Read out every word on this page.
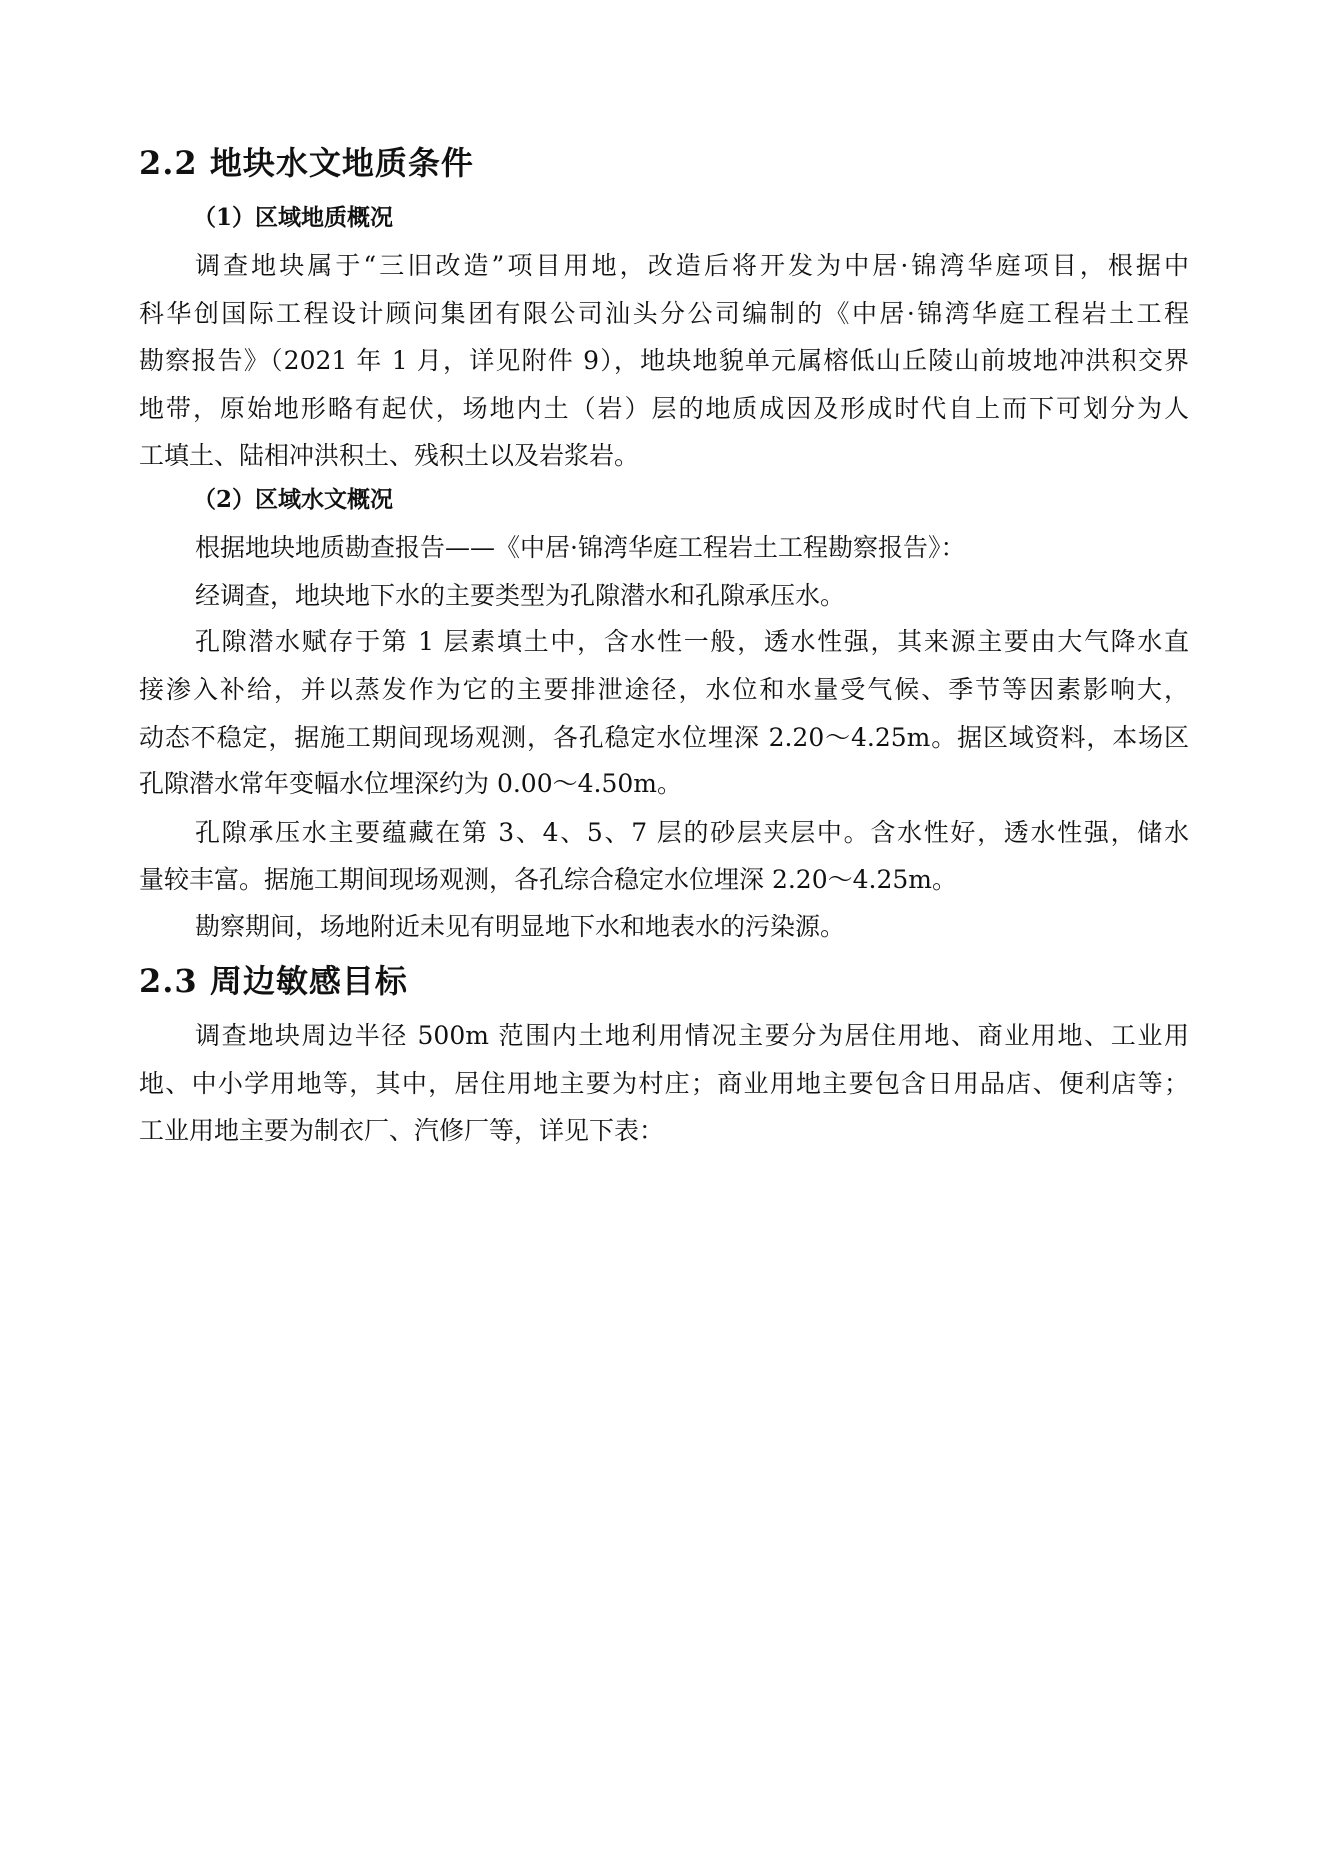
2.2 地块水文地质条件
（1）区域地质概况
调查地块属于“三旧改造”项目用地，改造后将开发为中居·锦湾华庭项目，根据中
科华创国际工程设计顾问集团有限公司汕头分公司编制的《中居·锦湾华庭工程岩土工程
勘察报告》（2021 年 1 月，详见附件 9），地块地貌单元属榕低山丘陵山前坡地冲洪积交界
地带，原始地形略有起伏，场地内土（岩）层的地质成因及形成时代自上而下可划分为人
工填土、陆相冲洪积土、残积土以及岩浆岩。
（2）区域水文概况
根据地块地质勘查报告——《中居·锦湾华庭工程岩土工程勘察报告》：
经调查，地块地下水的主要类型为孔隙潜水和孔隙承压水。
孔隙潜水赋存于第 1 层素填土中，含水性一般，透水性强，其来源主要由大气降水直
接渗入补给，并以蒸发作为它的主要排泄途径，水位和水量受气候、季节等因素影响大，
动态不稳定，据施工期间现场观测，各孔稳定水位埋深 2.20～4.25m。据区域资料，本场区
孔隙潜水常年变幅水位埋深约为 0.00～4.50m。
孔隙承压水主要蕴藏在第 3、4、5、7 层的砂层夹层中。含水性好，透水性强，储水
量较丰富。据施工期间现场观测，各孔综合稳定水位埋深 2.20～4.25m。
勘察期间，场地附近未见有明显地下水和地表水的污染源。
2.3 周边敏感目标
调查地块周边半径 500m 范围内土地利用情况主要分为居住用地、商业用地、工业用
地、中小学用地等，其中，居住用地主要为村庄；商业用地主要包含日用品店、便利店等；
工业用地主要为制衣厂、汽修厂等，详见下表：
